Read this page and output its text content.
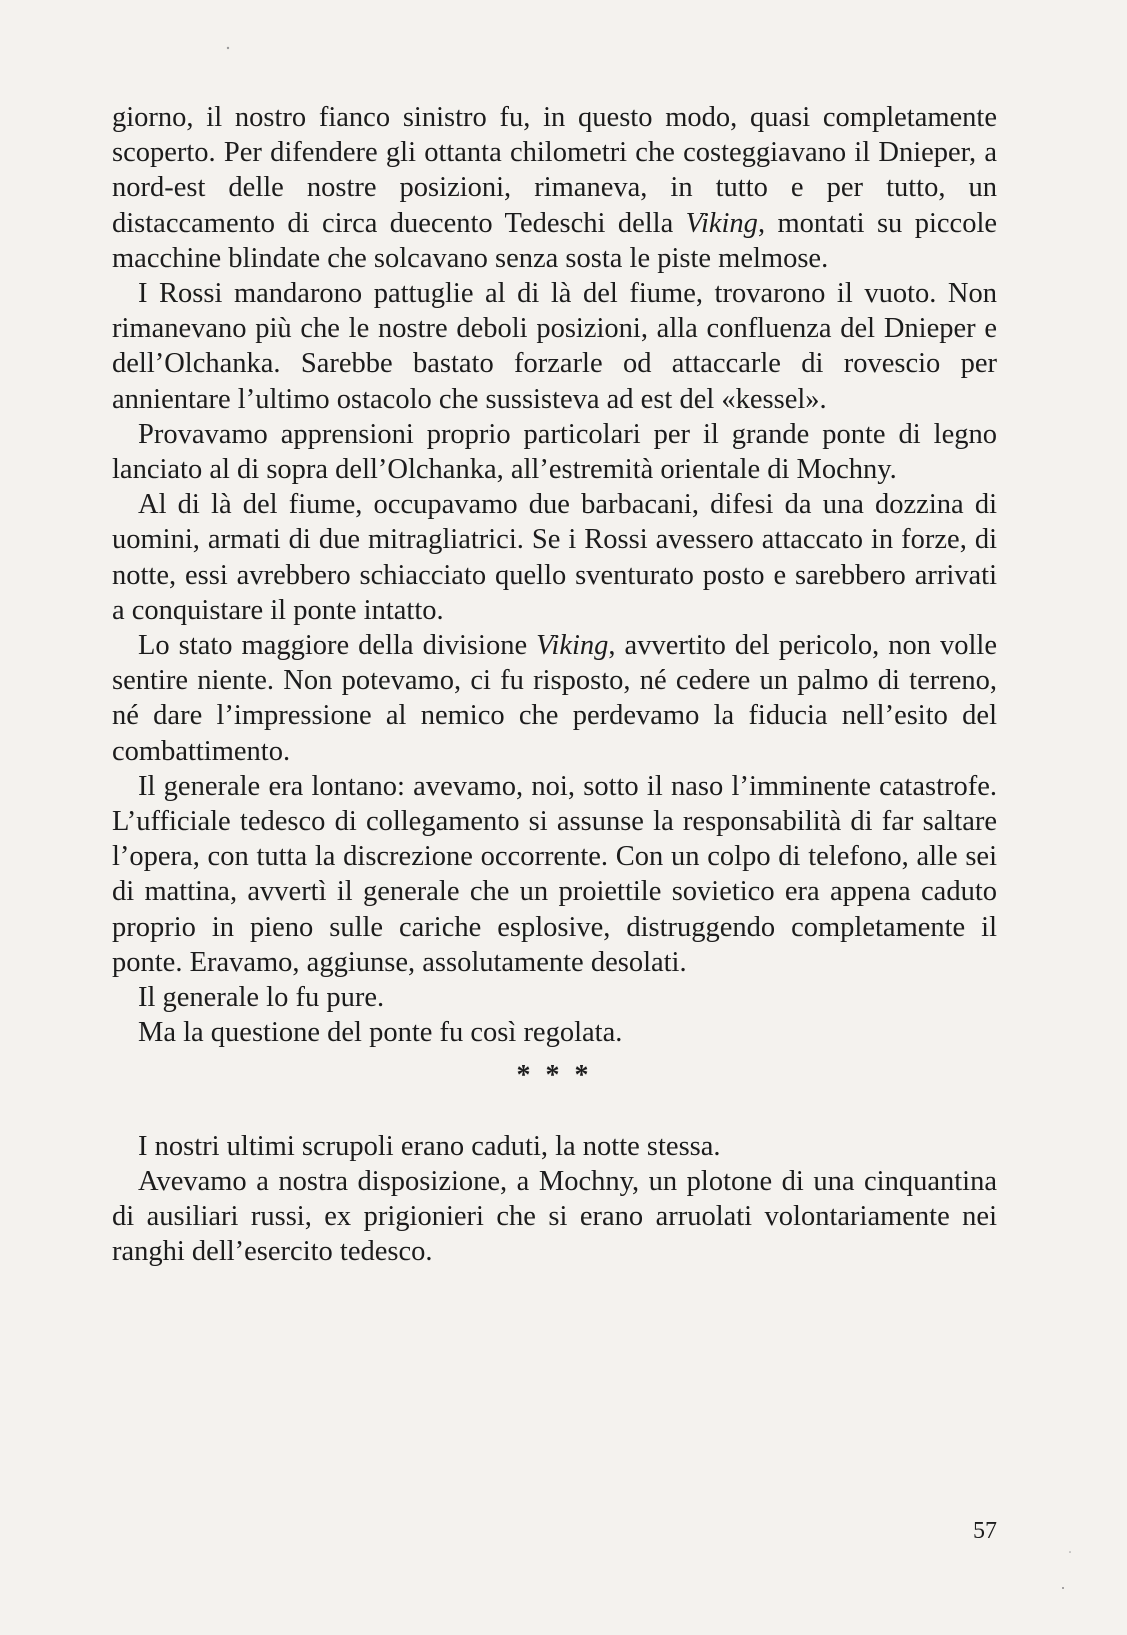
giorno, il nostro fianco sinistro fu, in questo modo, quasi completamente scoperto. Per difendere gli ottanta chilometri che costeggiavano il Dnieper, a nord-est delle nostre posizioni, rimaneva, in tutto e per tutto, un distaccamento di circa duecento Tedeschi della Viking, montati su piccole macchine blindate che solcavano senza sosta le piste melmose.

I Rossi mandarono pattuglie al di là del fiume, trovarono il vuoto. Non rimanevano più che le nostre deboli posizioni, alla confluenza del Dnieper e dell’Olchanka. Sarebbe bastato forzarle od attaccarle di rovescio per annientare l’ultimo ostacolo che sussisteva ad est del «kessel».

Provavamo apprensioni proprio particolari per il grande ponte di legno lanciato al di sopra dell’Olchanka, all’estremità orientale di Mochny.

Al di là del fiume, occupavamo due barbacani, difesi da una dozzina di uomini, armati di due mitragliatrici. Se i Rossi avessero attaccato in forze, di notte, essi avrebbero schiacciato quello sventurato posto e sarebbero arrivati a conquistare il ponte intatto.

Lo stato maggiore della divisione Viking, avvertito del pericolo, non volle sentire niente. Non potevamo, ci fu risposto, né cedere un palmo di terreno, né dare l’impressione al nemico che perdevamo la fiducia nell’esito del combattimento.

Il generale era lontano: avevamo, noi, sotto il naso l’imminente catastrofe. L’ufficiale tedesco di collegamento si assunse la responsabilità di far saltare l’opera, con tutta la discrezione occorrente. Con un colpo di telefono, alle sei di mattina, avvertì il generale che un proiettile sovietico era appena caduto proprio in pieno sulle cariche esplosive, distruggendo completamente il ponte. Eravamo, aggiunse, assolutamente desolati.

Il generale lo fu pure.

Ma la questione del ponte fu così regolata.

* * *

I nostri ultimi scrupoli erano caduti, la notte stessa.

Avevamo a nostra disposizione, a Mochny, un plotone di una cinquantina di ausiliari russi, ex prigionieri che si erano arruolati volontariamente nei ranghi dell’esercito tedesco.

57
